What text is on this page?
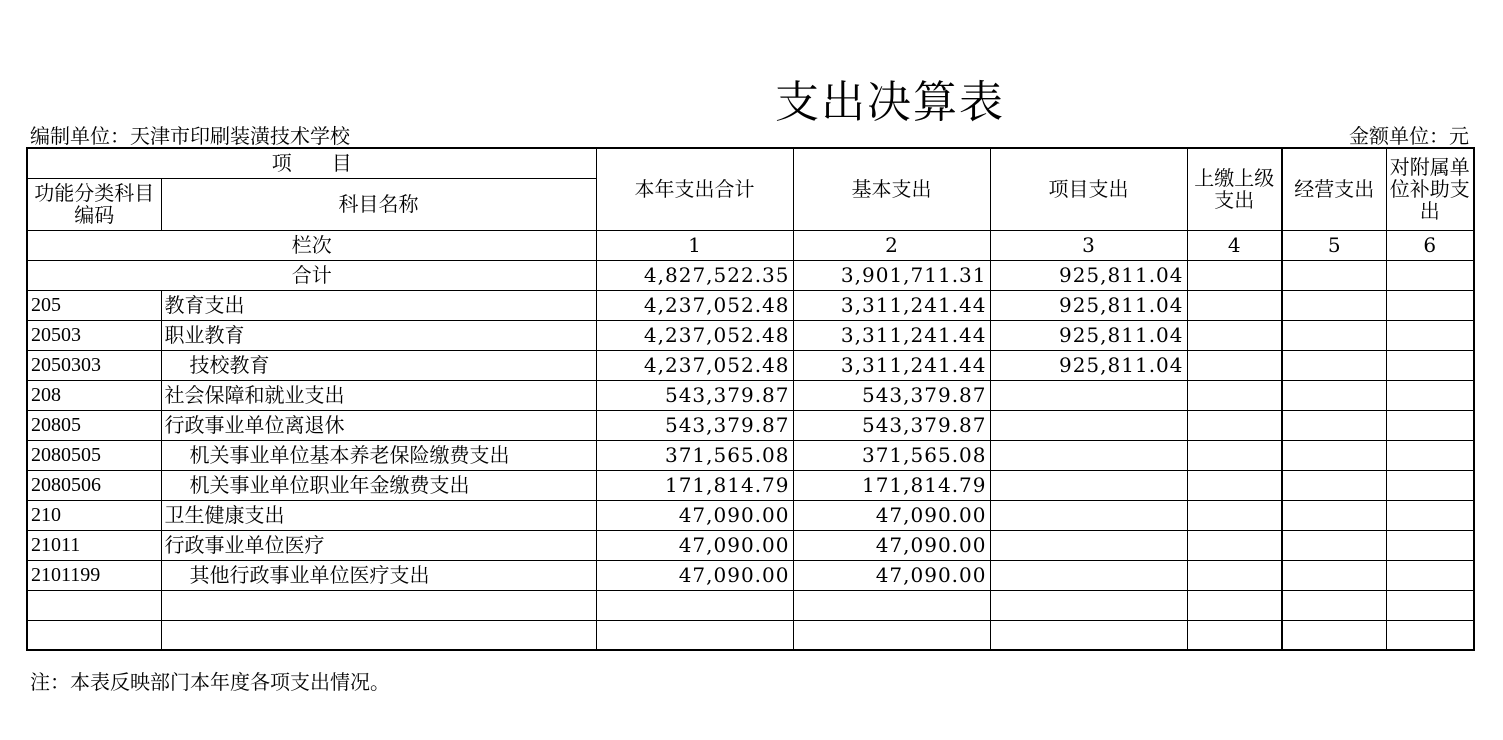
支出决算表
编制单位：天津市印刷装潢技术学校	金额单位：元
项　　目		本年支出合计	基本支出	项目支出	上缴上级支出	经营支出	对附属单位补助支出
功能分类科目编码	科目名称						
栏次		1	2	3	4	5	6
合计		4,827,522.35	3,901,711.31	925,811.04			
205	教育支出	4,237,052.48	3,311,241.44	925,811.04			
20503	职业教育	4,237,052.48	3,311,241.44	925,811.04			
2050303	技校教育	4,237,052.48	3,311,241.44	925,811.04			
208	社会保障和就业支出	543,379.87	543,379.87				
20805	行政事业单位离退休	543,379.87	543,379.87				
2080505	机关事业单位基本养老保险缴费支出	371,565.08	371,565.08				
2080506	机关事业单位职业年金缴费支出	171,814.79	171,814.79				
210	卫生健康支出	47,090.00	47,090.00				
21011	行政事业单位医疗	47,090.00	47,090.00				
2101199	其他行政事业单位医疗支出	47,090.00	47,090.00				

注：本表反映部门本年度各项支出情况。
